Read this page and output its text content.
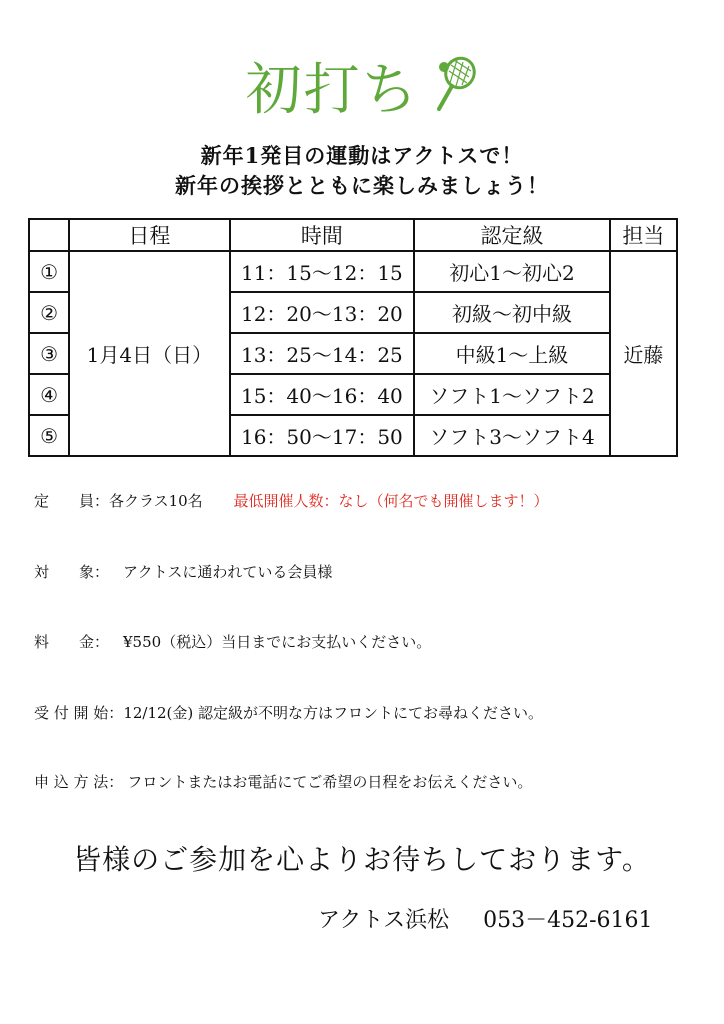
初打ち
新年1発目の運動はアクトスで！
新年の挨拶とともに楽しみましょう！
	日程	時間	認定級	担当
①	1月4日（日）	11：15～12：15	初心1～初心2	近藤
②		12：20～13：20	初級～初中級	
③		13：25～14：25	中級1～上級	
④		15：40～16：40	ソフト1～ソフト2	
⑤		16：50～17：50	ソフト3～ソフト4	
定　　員：各クラス10名 最低開催人数：なし（何名でも開催します！）
対　　象： アクトスに通われている会員様
料　　金： ¥550（税込）当日までにお支払いください。
受 付 開 始：12/12(金) 認定級が不明な方はフロントにてお尋ねください。
申 込 方 法： フロントまたはお電話にてご希望の日程をお伝えください。
皆様のご参加を心よりお待ちしております。
アクトス浜松 053－452-6161
